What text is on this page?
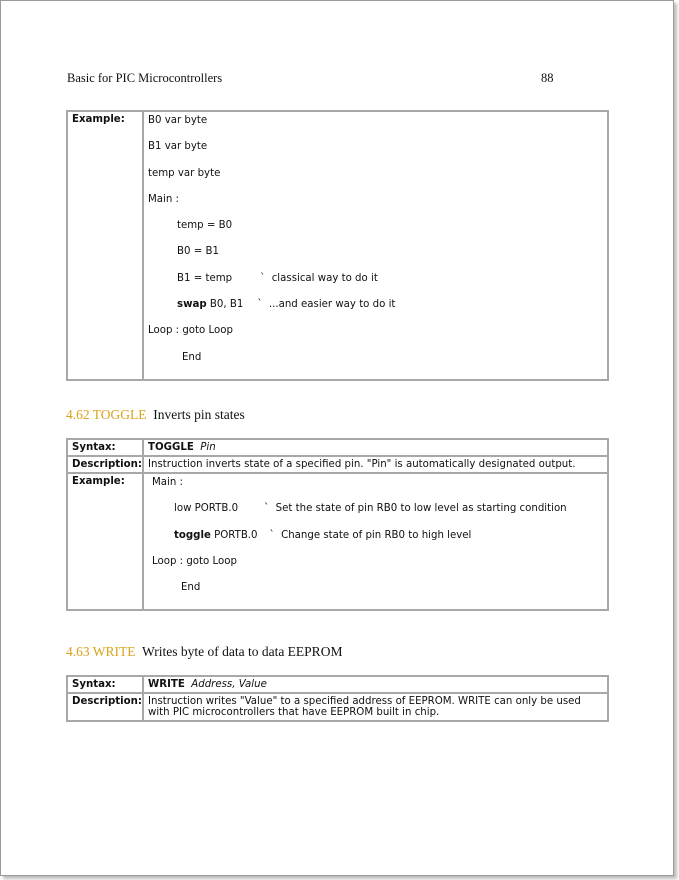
Basic for PIC Microcontrollers	88
Example:	B0 var byte
B1 var byte
temp var byte
Main :
temp = B0
B0 = B1
B1 = temp	`  classical way to do it
swap B0, B1 `  ...and easier way to do it
Loop : goto Loop
End
4.62 TOGGLE Inverts pin states
Syntax:	TOGGLE Pin
Description:	Instruction inverts state of a specified pin. "Pin" is automatically designated output.
Example:	Main :
low PORTB.0 `  Set the state of pin RB0 to low level as starting condition
toggle PORTB.0 `  Change state of pin RB0 to high level
Loop : goto Loop
End
4.63 WRITE Writes byte of data to data EEPROM
Syntax:	WRITE Address, Value
Description:	Instruction writes "Value" to a specified address of EEPROM. WRITE can only be used with PIC microcontrollers that have EEPROM built in chip.
